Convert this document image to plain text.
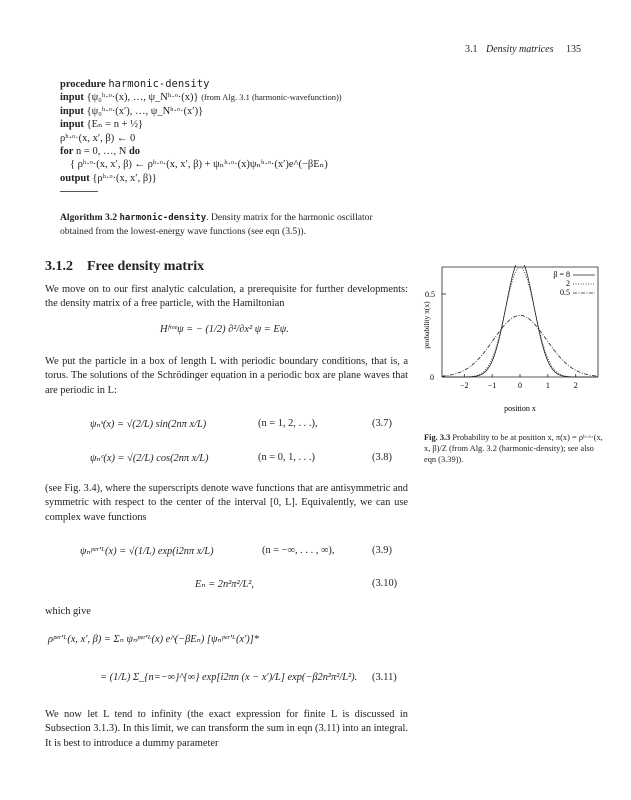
3.1 Density matrices 135
procedure harmonic-density
input {ψ₀ʰ·ᵒ·(x), …, ψ_Nʰ·ᵒ·(x)} (from Alg. 3.1 (harmonic-wavefunction))
input {ψ₀ʰ·ᵒ·(x′), …, ψ_Nʰ·ᵒ·(x′)}
input {Eₙ = n + ½}
ρʰ·ᵒ·(x, x′, β) ← 0
for n = 0, …, N do
{ ρʰ·ᵒ·(x, x′, β) ← ρʰ·ᵒ·(x, x′, β) + ψₙʰ·ᵒ·(x)ψₙʰ·ᵒ·(x′)e^(−βEₙ)
output {ρʰ·ᵒ·(x, x′, β)}
Algorithm 3.2 harmonic-density. Density matrix for the harmonic oscillator obtained from the lowest-energy wave functions (see eqn (3.5)).
3.1.2 Free density matrix
We move on to our first analytic calculation, a prerequisite for further developments: the density matrix of a free particle, with the Hamiltonian
Hᶠʳᵉᵉψ = − (1/2) ∂²/∂x² ψ = Eψ.
We put the particle in a box of length L with periodic boundary conditions, that is, a torus. The solutions of the Schrödinger equation in a periodic box are plane waves that are periodic in L:
ψₙˢ(x) = √(2/L) sin(2nπ x/L)	(n = 1, 2, . . .),	(3.7)
ψₙᶜ(x) = √(2/L) cos(2nπ x/L)	(n = 0, 1, . . .)	(3.8)
(see Fig. 3.4), where the superscripts denote wave functions that are antisymmetric and symmetric with respect to the center of the interval [0, L]. Equivalently, we can use complex wave functions
ψₙᵖᵉʳ'ᴸ(x) = √(1/L) exp(i2nπ x/L)	(n = −∞, . . . , ∞),	(3.9)
Eₙ = 2n²π²/L²,	(3.10)
which give
ρᵖᵉʳ'ᴸ(x, x′, β) = Σₙ ψₙᵖᵉʳ'ᴸ(x) e^(−βEₙ) [ψₙᵖᵉʳ'ᴸ(x′)]*
= (1/L) Σ_{n=−∞}^{∞} exp[i2πn (x − x′)/L] exp(−β2n²π²/L²). (3.11)
We now let L tend to infinity (the exact expression for finite L is discussed in Subsection 3.1.3). In this limit, we can transform the sum in eqn (3.11) into an integral. It is best to introduce a dummy parameter
0
0.5
probability π(x)
−2 −1	0	1	2
position x
β = 8
2
0.5
Fig. 3.3 Probability to be at position x, π(x) = ρʰ·ᵒ·(x, x, β)/Z (from Alg. 3.2 (harmonic-density); see also eqn (3.39)).
